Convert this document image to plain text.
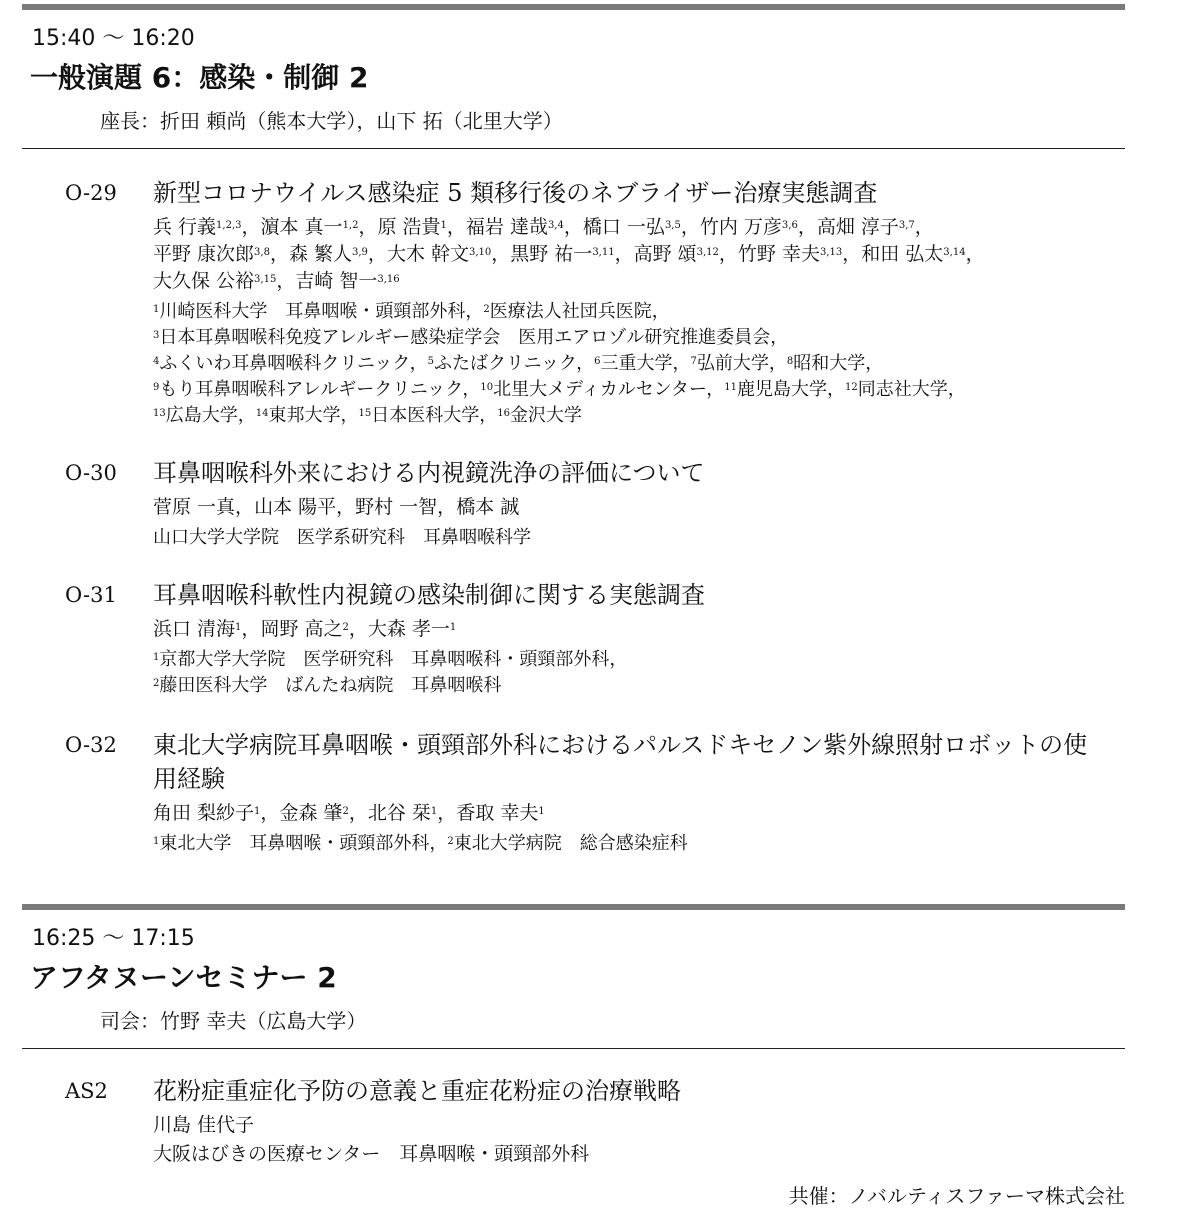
15:40 ～ 16:20
一般演題 6：感染・制御 2
座長：折田 頼尚（熊本大学），山下 拓（北里大学）
O-29 新型コロナウイルス感染症 5 類移行後のネブライザー治療実態調査
兵 行義$^{1,2,3}$，濵本 真一$^{1,2}$，原 浩貴$^1$，福岩 達哉$^{3,4}$，橋口 一弘$^{3,5}$，竹内 万彦$^{3,6}$，高畑 淳子$^{3,7}$，
平野 康次郎$^{3,8}$，森 繁人$^{3,9}$，大木 幹文$^{3,10}$，黒野 祐一$^{3,11}$，高野 頌$^{3,12}$，竹野 幸夫$^{3,13}$，和田 弘太$^{3,14}$，
大久保 公裕$^{3,15}$，吉崎 智一$^{3,16}$
$^1$川崎医科大学　耳鼻咽喉・頭頸部外科，$^2$医療法人社団兵医院，
$^3$日本耳鼻咽喉科免疫アレルギー感染症学会　医用エアロゾル研究推進委員会，
$^4$ふくいわ耳鼻咽喉科クリニック，$^5$ふたばクリニック，$^6$三重大学，$^7$弘前大学，$^8$昭和大学，
$^9$もり耳鼻咽喉科アレルギークリニック，$^{10}$北里大メディカルセンター，$^{11}$鹿児島大学，$^{12}$同志社大学，
$^{13}$広島大学，$^{14}$東邦大学，$^{15}$日本医科大学，$^{16}$金沢大学
O-30 耳鼻咽喉科外来における内視鏡洗浄の評価について
菅原 一真，山本 陽平，野村 一智，橋本 誠
山口大学大学院　医学系研究科　耳鼻咽喉科学
O-31 耳鼻咽喉科軟性内視鏡の感染制御に関する実態調査
浜口 清海$^1$，岡野 高之$^2$，大森 孝一$^1$
$^1$京都大学大学院　医学研究科　耳鼻咽喉科・頭頸部外科，
$^2$藤田医科大学　ばんたね病院　耳鼻咽喉科
O-32 東北大学病院耳鼻咽喉・頭頸部外科におけるパルスドキセノン紫外線照射ロボットの使用経験
角田 梨紗子$^1$，金森 肇$^2$，北谷 栞$^1$，香取 幸夫$^1$
$^1$東北大学　耳鼻咽喉・頭頸部外科，$^2$東北大学病院　総合感染症科
16:25 ～ 17:15
アフタヌーンセミナー 2
司会：竹野 幸夫（広島大学）
AS2 花粉症重症化予防の意義と重症花粉症の治療戦略
川島 佳代子
大阪はびきの医療センター　耳鼻咽喉・頭頸部外科
共催：ノバルティスファーマ株式会社
